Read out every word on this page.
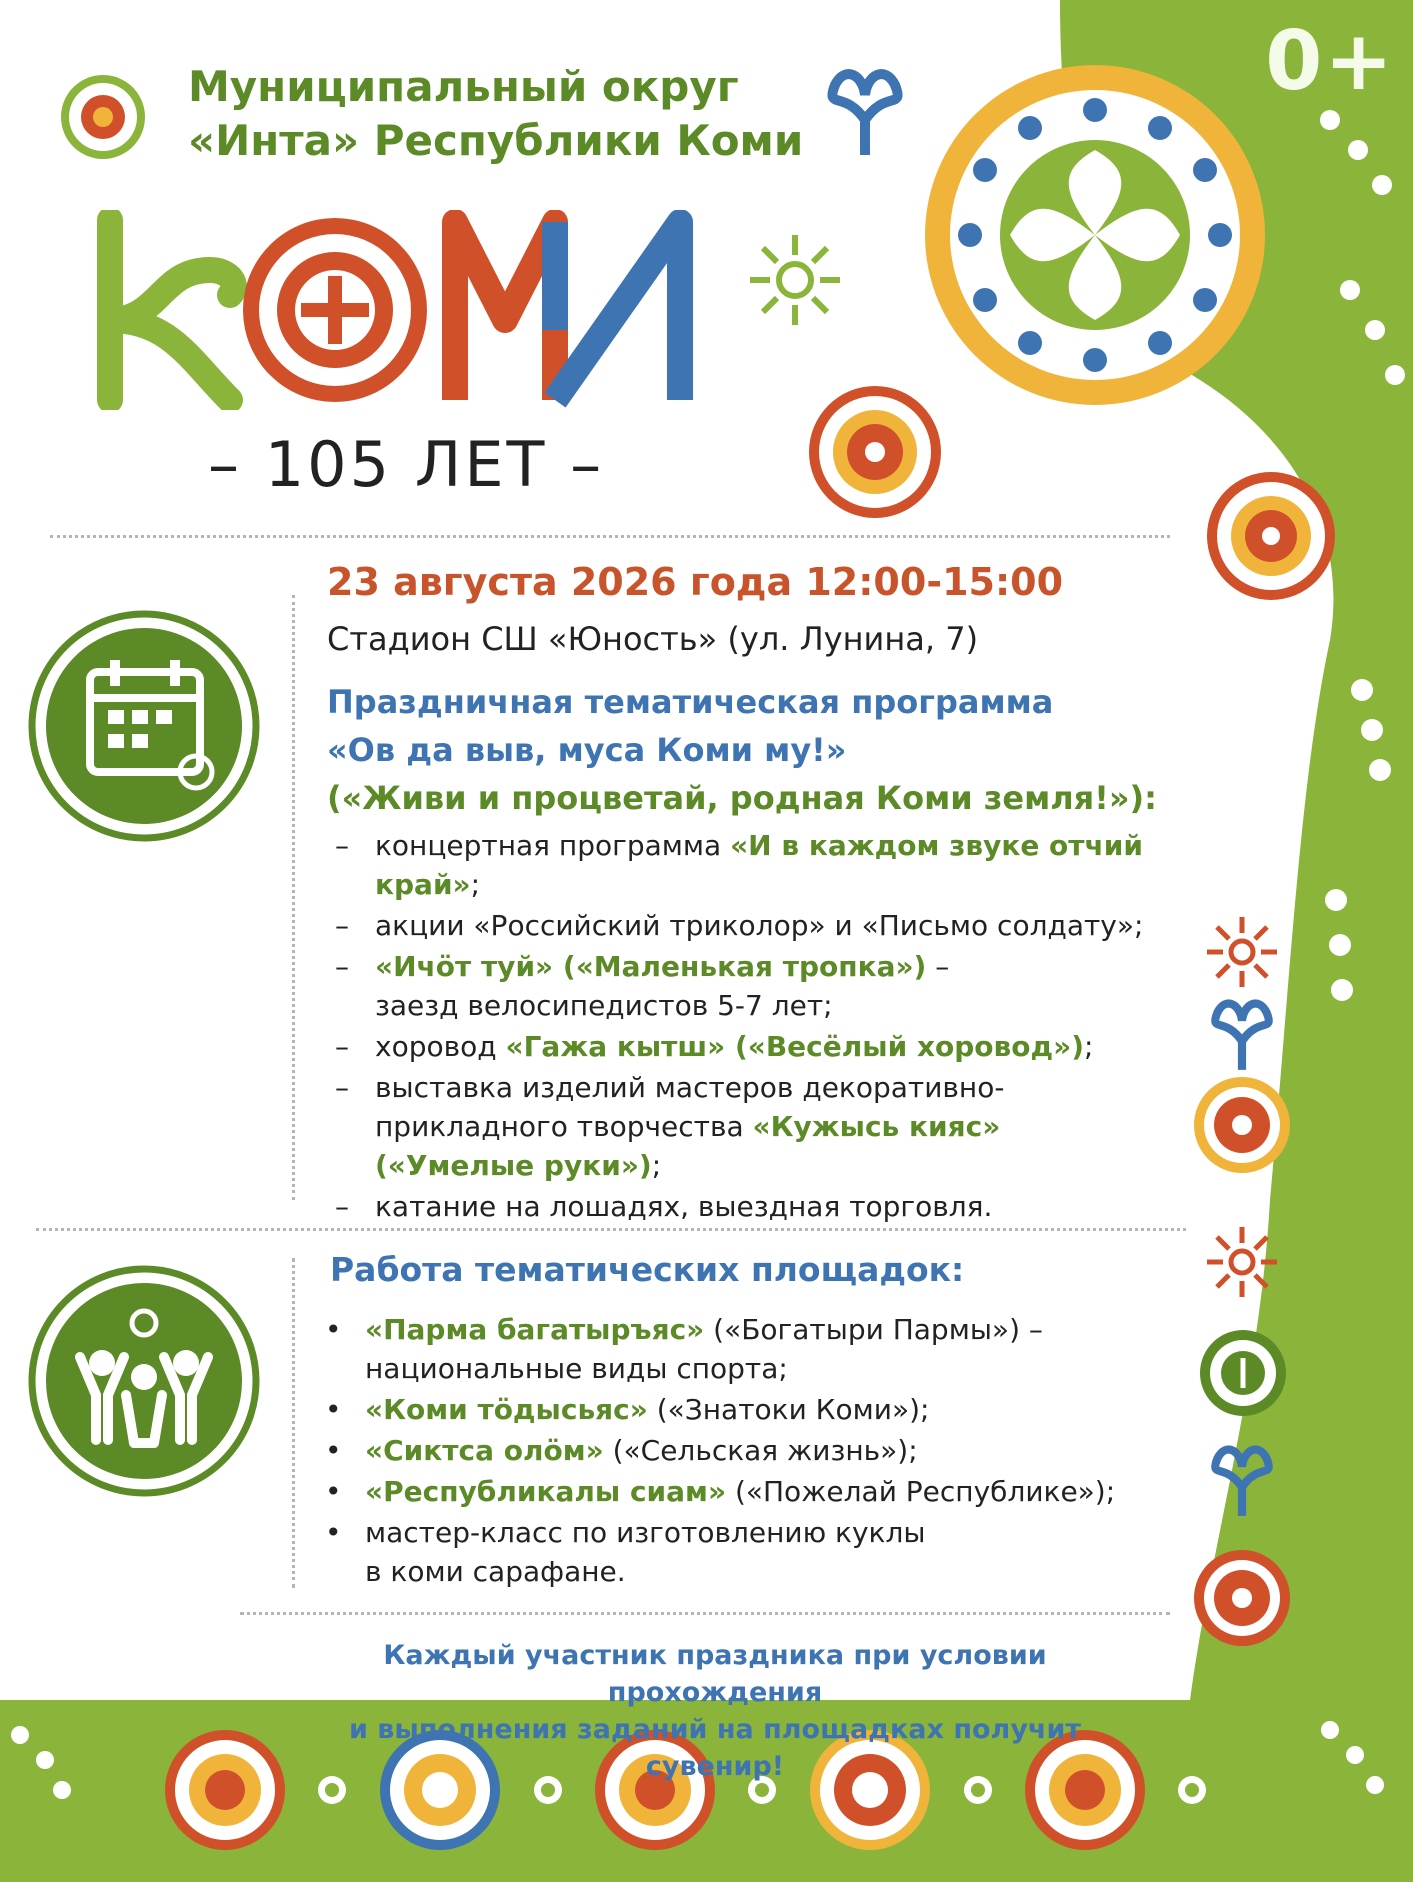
0+
Муниципальный округ
«Инта» Республики Коми
КОМИ
– 105 ЛЕТ –
23 августа 2026 года 12:00-15:00
Стадион СШ «Юность» (ул. Лунина, 7)
Праздничная тематическая программа
«Ов да выв, муса Коми му!»
(«Живи и процветай, родная Коми земля!»):
– концертная программа «И в каждом звуке отчий край»;
– акции «Российский триколор» и «Письмо солдату»;
– «Ичӧт туй» («Маленькая тропка») –
заезд велосипедистов 5-7 лет;
– хоровод «Гажа кытш» («Весёлый хоровод»);
– выставка изделий мастеров декоративно-
прикладного творчества «Кужысь кияс»
(«Умелые руки»);
– катание на лошадях, выездная торговля.
Работа тематических площадок:
• «Парма багатыръяс» («Богатыри Пармы») –
национальные виды спорта;
• «Коми тӧдысьяс» («Знатоки Коми»);
• «Сиктса олӧм» («Сельская жизнь»);
• «Республикалы сиам» («Пожелай Республике»);
• мастер-класс по изготовлению куклы
в коми сарафане.
Каждый участник праздника при условии прохождения
и выполнения заданий на площадках получит сувенир!
